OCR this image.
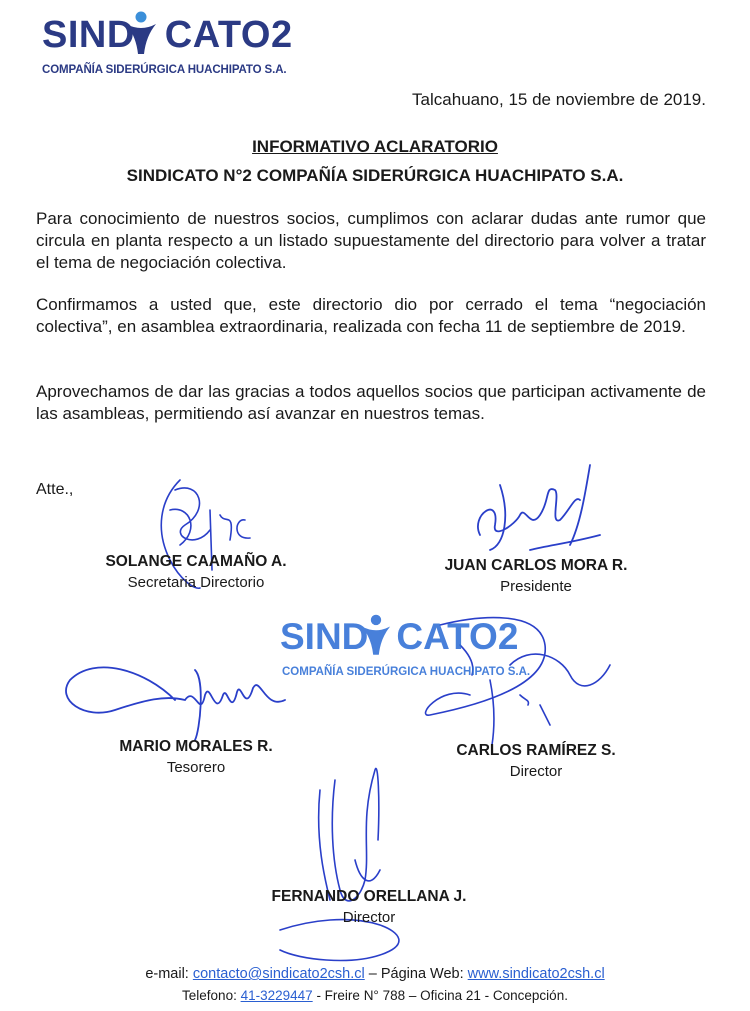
SIND CATO2
COMPAÑÍA SIDERÚRGICA HUACHIPATO S.A.
Talcahuano, 15 de noviembre de 2019.
INFORMATIVO ACLARATORIO
SINDICATO N°2 COMPAÑÍA SIDERÚRGICA HUACHIPATO S.A.
Para conocimiento de nuestros socios, cumplimos con aclarar dudas ante rumor que circula en planta respecto a un listado supuestamente del directorio para volver a tratar el tema de negociación colectiva.
Confirmamos a usted que, este directorio dio por cerrado el tema “negociación colectiva”, en asamblea extraordinaria, realizada con fecha 11 de septiembre de 2019.
Aprovechamos de dar las gracias a todos aquellos socios que participan activamente de las asambleas, permitiendo así avanzar en nuestros temas.
Atte.,
SIND CATO2
COMPAÑÍA SIDERÚRGICA HUACHIPATO S.A.
SOLANGE CAAMAÑO A.
Secretaria Directorio
JUAN CARLOS MORA R.
Presidente
MARIO MORALES R.
Tesorero
CARLOS RAMÍREZ S.
Director
FERNANDO ORELLANA J.
Director
e-mail: contacto@sindicato2csh.cl – Página Web: www.sindicato2csh.cl
Telefono: 41-3229447 - Freire N° 788 – Oficina 21 - Concepción.
